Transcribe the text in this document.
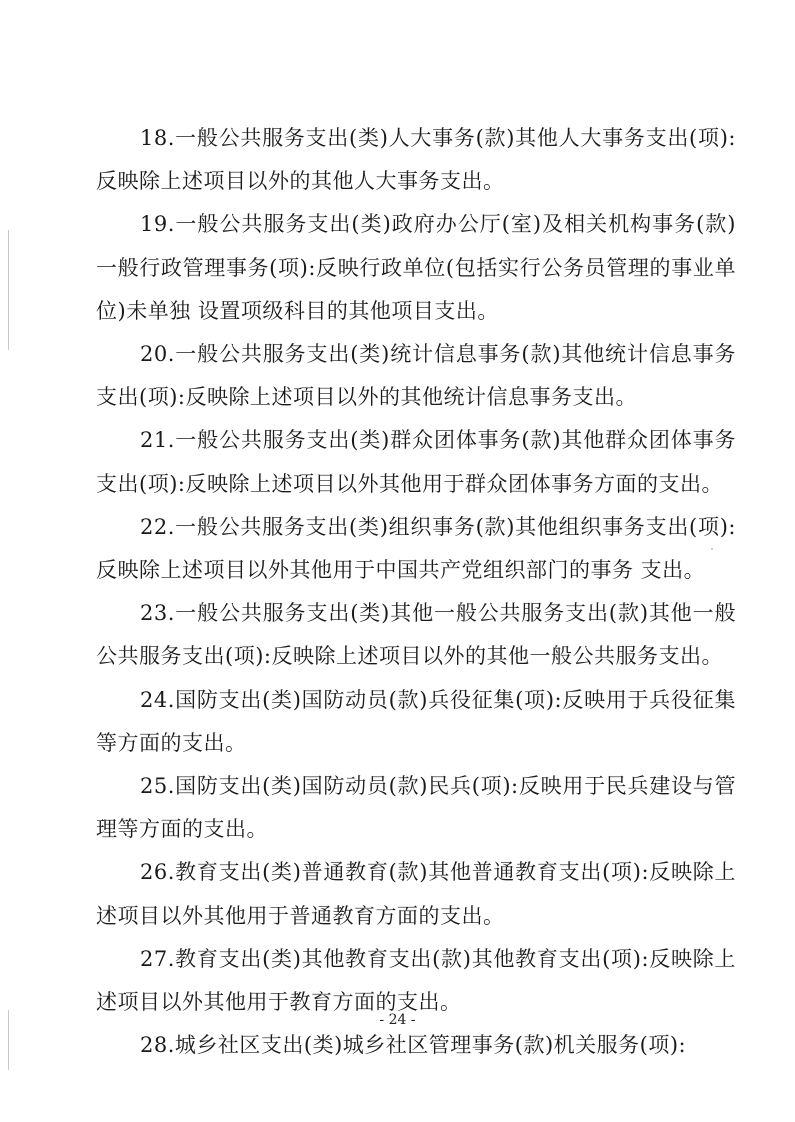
18.一般公共服务支出(类)人大事务(款)其他人大事务支出(项):反映除上述项目以外的其他人大事务支出。

19.一般公共服务支出(类)政府办公厅(室)及相关机构事务(款)一般行政管理事务(项):反映行政单位(包括实行公务员管理的事业单位)未单独 设置项级科目的其他项目支出。

20.一般公共服务支出(类)统计信息事务(款)其他统计信息事务支出(项):反映除上述项目以外的其他统计信息事务支出。

21.一般公共服务支出(类)群众团体事务(款)其他群众团体事务支出(项):反映除上述项目以外其他用于群众团体事务方面的支出。

22.一般公共服务支出(类)组织事务(款)其他组织事务支出(项):反映除上述项目以外其他用于中国共产党组织部门的事务 支出。

23.一般公共服务支出(类)其他一般公共服务支出(款)其他一般公共服务支出(项):反映除上述项目以外的其他一般公共服务支出。

24.国防支出(类)国防动员(款)兵役征集(项):反映用于兵役征集等方面的支出。

25.国防支出(类)国防动员(款)民兵(项):反映用于民兵建设与管理等方面的支出。

26.教育支出(类)普通教育(款)其他普通教育支出(项):反映除上述项目以外其他用于普通教育方面的支出。

27.教育支出(类)其他教育支出(款)其他教育支出(项):反映除上述项目以外其他用于教育方面的支出。

28.城乡社区支出(类)城乡社区管理事务(款)机关服务(项):

- 24 -
